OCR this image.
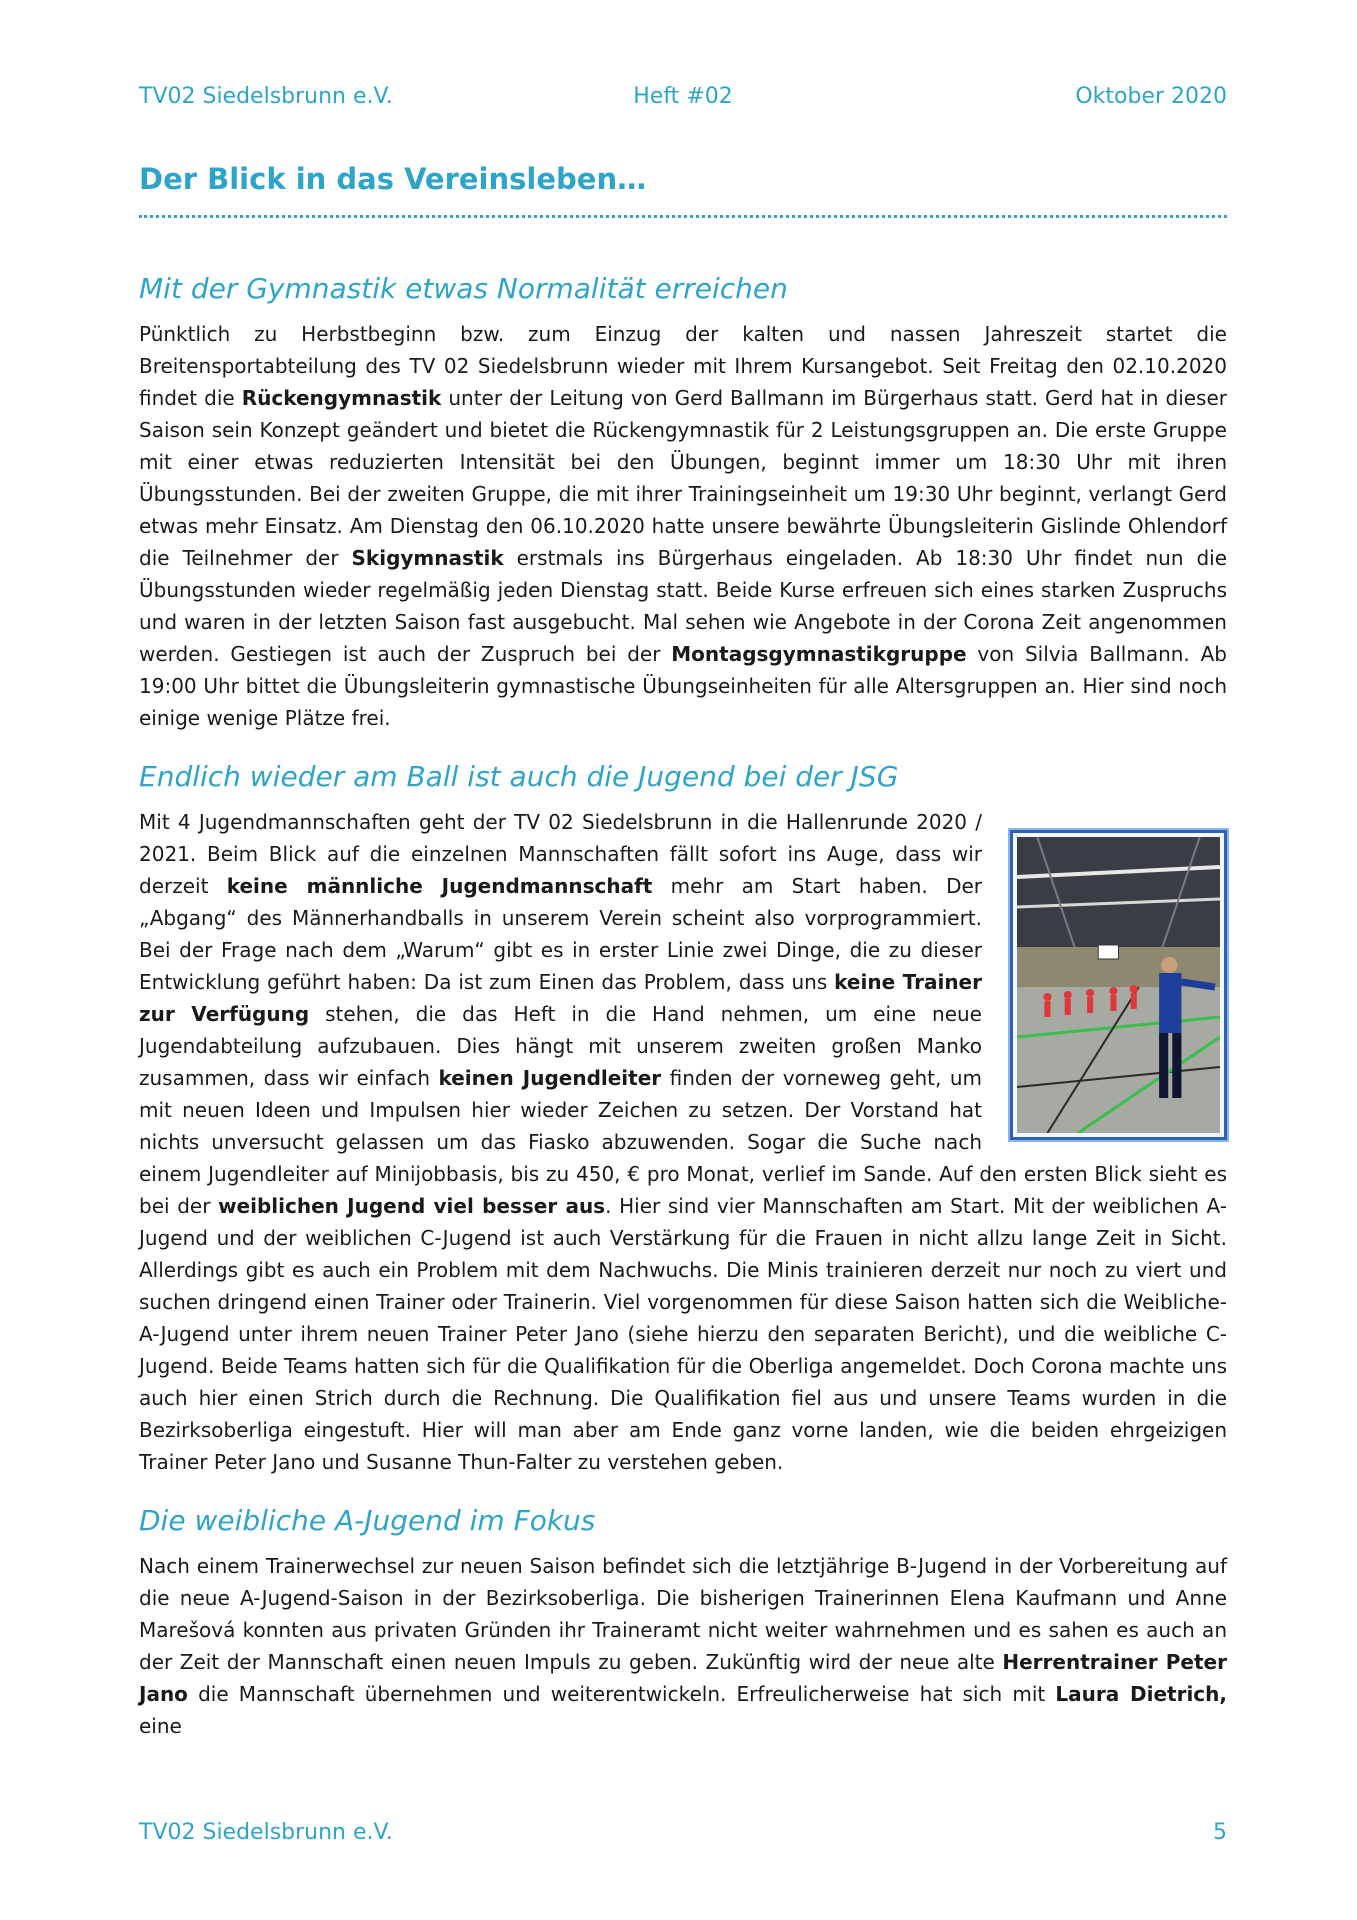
TV02 Siedelsbrunn e.V.	Heft #02	Oktober 2020
Der Blick in das Vereinsleben…
Mit der Gymnastik etwas Normalität erreichen

Pünktlich zu Herbstbeginn bzw. zum Einzug der kalten und nassen Jahreszeit startet die Breitensportabteilung des TV 02 Siedelsbrunn wieder mit Ihrem Kursangebot. Seit Freitag den 02.10.2020 findet die Rückengymnastik unter der Leitung von Gerd Ballmann im Bürgerhaus statt. Gerd hat in dieser Saison sein Konzept geändert und bietet die Rückengymnastik für 2 Leistungsgruppen an. Die erste Gruppe mit einer etwas reduzierten Intensität bei den Übungen, beginnt immer um 18:30 Uhr mit ihren Übungsstunden. Bei der zweiten Gruppe, die mit ihrer Trainingseinheit um 19:30 Uhr beginnt, verlangt Gerd etwas mehr Einsatz. Am Dienstag den 06.10.2020 hatte unsere bewährte Übungsleiterin Gislinde Ohlendorf die Teilnehmer der Skigymnastik erstmals ins Bürgerhaus eingeladen. Ab 18:30 Uhr findet nun die Übungsstunden wieder regelmäßig jeden Dienstag statt. Beide Kurse erfreuen sich eines starken Zuspruchs und waren in der letzten Saison fast ausgebucht. Mal sehen wie Angebote in der Corona Zeit angenommen werden. Gestiegen ist auch der Zuspruch bei der Montagsgymnastikgruppe von Silvia Ballmann. Ab 19:00 Uhr bittet die Übungsleiterin gymnastische Übungseinheiten für alle Altersgruppen an. Hier sind noch einige wenige Plätze frei.

Endlich wieder am Ball ist auch die Jugend bei der JSG

Mit 4 Jugendmannschaften geht der TV 02 Siedelsbrunn in die Hallenrunde 2020 / 2021. Beim Blick auf die einzelnen Mannschaften fällt sofort ins Auge, dass wir derzeit keine männliche Jugendmannschaft mehr am Start haben. Der „Abgang“ des Männerhandballs in unserem Verein scheint also vorprogrammiert. Bei der Frage nach dem „Warum“ gibt es in erster Linie zwei Dinge, die zu dieser Entwicklung geführt haben: Da ist zum Einen das Problem, dass uns keine Trainer zur Verfügung stehen, die das Heft in die Hand nehmen, um eine neue Jugendabteilung aufzubauen. Dies hängt mit unserem zweiten großen Manko zusammen, dass wir einfach keinen Jugendleiter finden der vorneweg geht, um mit neuen Ideen und Impulsen hier wieder Zeichen zu setzen. Der Vorstand hat nichts unversucht gelassen um das Fiasko abzuwenden. Sogar die Suche nach einem Jugendleiter auf Minijobbasis, bis zu 450, € pro Monat, verlief im Sande. Auf den ersten Blick sieht es bei der weiblichen Jugend viel besser aus. Hier sind vier Mannschaften am Start. Mit der weiblichen A-Jugend und der weiblichen C-Jugend ist auch Verstärkung für die Frauen in nicht allzu lange Zeit in Sicht. Allerdings gibt es auch ein Problem mit dem Nachwuchs. Die Minis trainieren derzeit nur noch zu viert und suchen dringend einen Trainer oder Trainerin. Viel vorgenommen für diese Saison hatten sich die Weibliche-A-Jugend unter ihrem neuen Trainer Peter Jano (siehe hierzu den separaten Bericht), und die weibliche C-Jugend. Beide Teams hatten sich für die Qualifikation für die Oberliga angemeldet. Doch Corona machte uns auch hier einen Strich durch die Rechnung. Die Qualifikation fiel aus und unsere Teams wurden in die Bezirksoberliga eingestuft. Hier will man aber am Ende ganz vorne landen, wie die beiden ehrgeizigen Trainer Peter Jano und Susanne Thun-Falter zu verstehen geben.

Die weibliche A-Jugend im Fokus

Nach einem Trainerwechsel zur neuen Saison befindet sich die letztjährige B-Jugend in der Vorbereitung auf die neue A-Jugend-Saison in der Bezirksoberliga. Die bisherigen Trainerinnen Elena Kaufmann und Anne Marešová konnten aus privaten Gründen ihr Traineramt nicht weiter wahrnehmen und es sahen es auch an der Zeit der Mannschaft einen neuen Impuls zu geben. Zukünftig wird der neue alte Herrentrainer Peter Jano die Mannschaft übernehmen und weiterentwickeln. Erfreulicherweise hat sich mit Laura Dietrich, eine

TV02 Siedelsbrunn e.V.	5
